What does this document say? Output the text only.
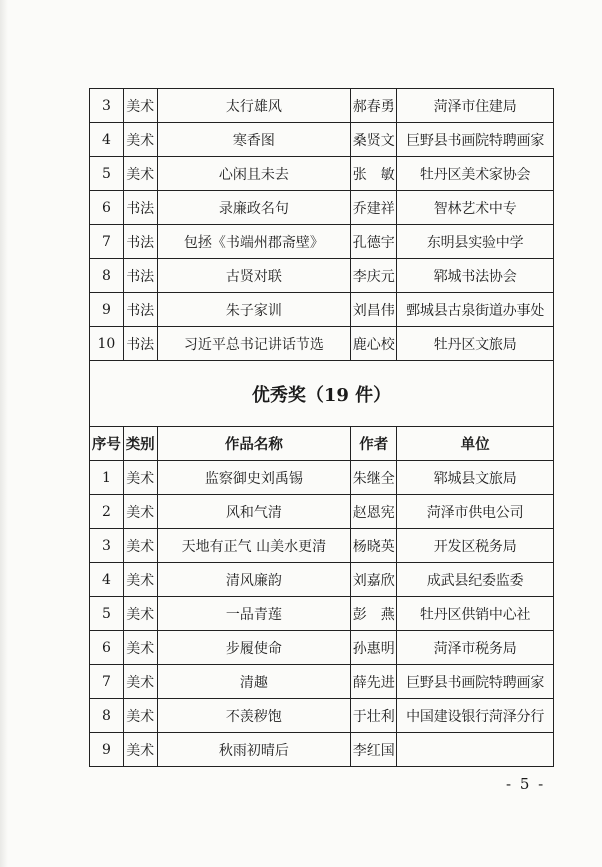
3	美术	太行雄风	郝春勇	菏泽市住建局
4	美术	寒香图	桑贤文	巨野县书画院特聘画家
5	美术	心闲且未去	张　敏	牡丹区美术家协会
6	书法	录廉政名句	乔建祥	智林艺术中专
7	书法	包拯《书端州郡斋壁》	孔德宇	东明县实验中学
8	书法	古贤对联	李庆元	郓城书法协会
9	书法	朱子家训	刘昌伟	鄄城县古泉街道办事处
10	书法	习近平总书记讲话节选	鹿心校	牡丹区文旅局
优秀奖（19 件）				
序号	类别	作品名称	作者	单位
1	美术	监察御史刘禹锡	朱继全	郓城县文旅局
2	美术	风和气清	赵恩宪	菏泽市供电公司
3	美术	天地有正气 山美水更清	杨晓英	开发区税务局
4	美术	清风廉韵	刘嘉欣	成武县纪委监委
5	美术	一品青莲	彭　燕	牡丹区供销中心社
6	美术	步履使命	孙惠明	菏泽市税务局
7	美术	清趣	薛先进	巨野县书画院特聘画家
8	美术	不羡秽饱	于壮利	中国建设银行菏泽分行
9	美术	秋雨初晴后	李红国	
- 5 -
